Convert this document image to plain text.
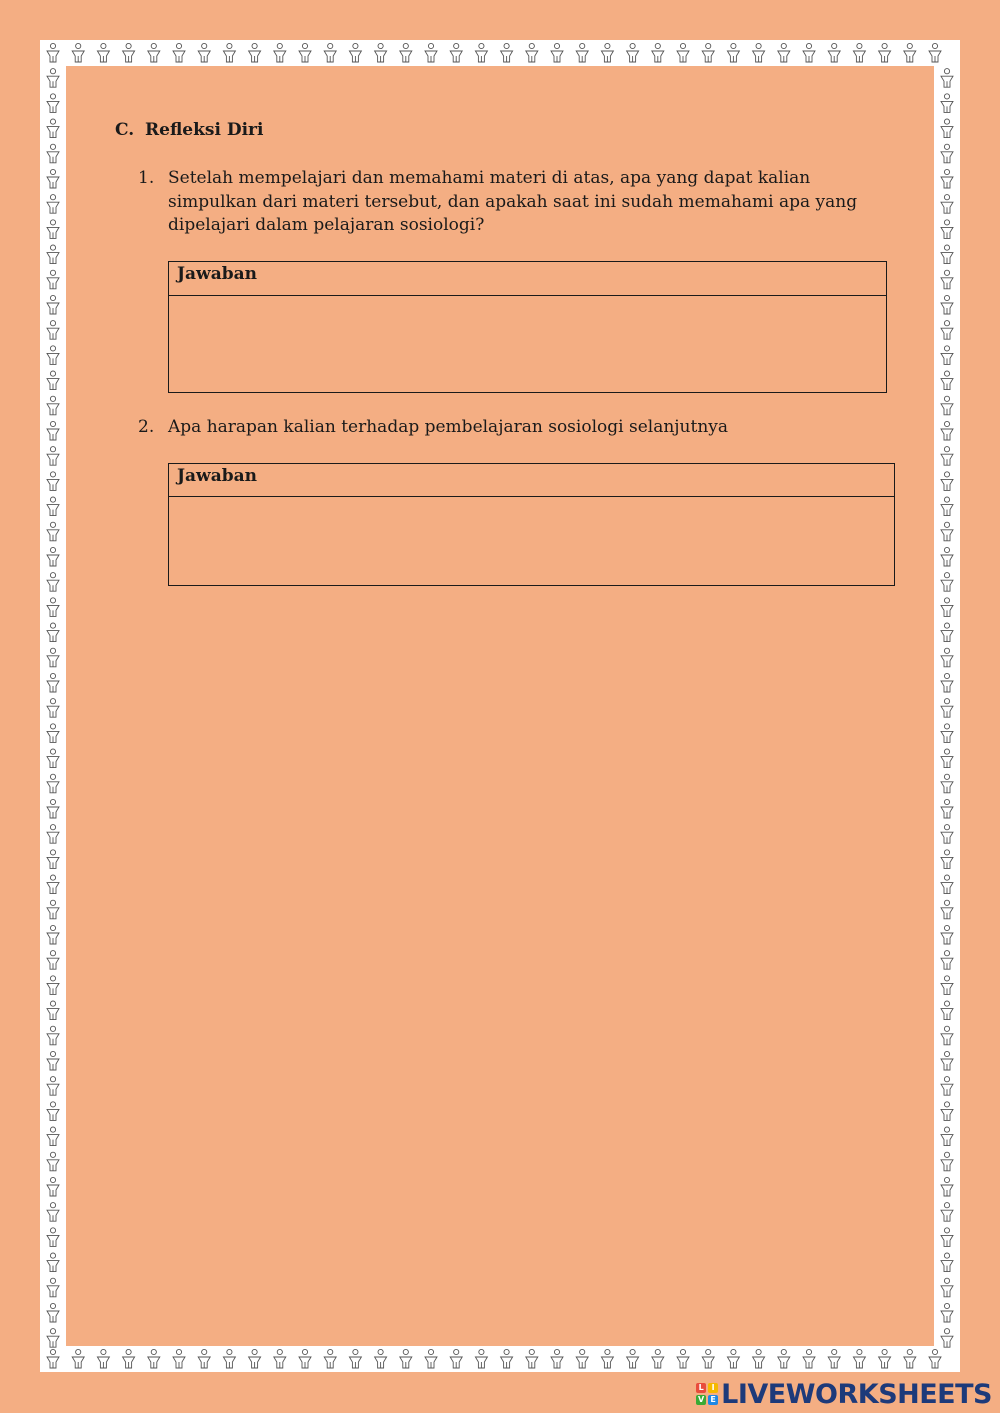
C. Refleksi Diri
1. Setelah mempelajari dan memahami materi di atas, apa yang dapat kalian simpulkan dari materi tersebut, dan apakah saat ini sudah memahami apa yang dipelajari dalam pelajaran sosiologi?
Jawaban
2. Apa harapan kalian terhadap pembelajaran sosiologi selanjutnya
Jawaban
L I
V E LIVEWORKSHEETS
